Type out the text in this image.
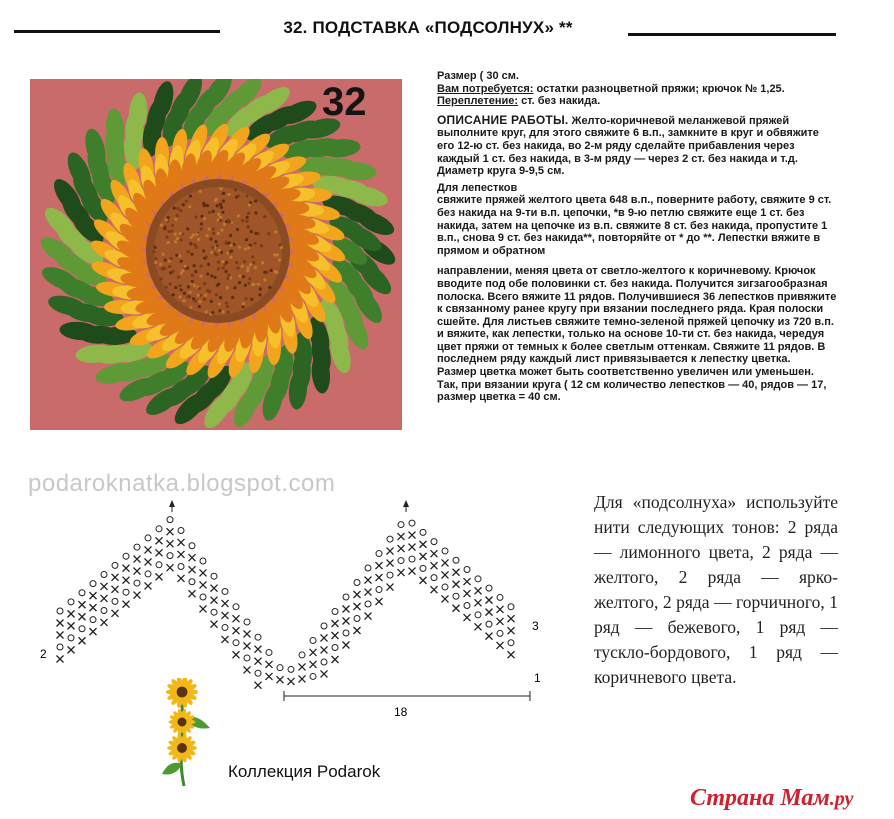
32. ПОДСТАВКА «ПОДСОЛНУХ» **
32

Размер ( 30 см.

Вам потребуется: остатки разноцветной пряжи; крючок № 1,25.

Переплетение: ст. без накида.

ОПИСАНИЕ РАБОТЫ. Желто-коричневой меланжевой пряжей выполните круг, для этого свяжите 6 в.п., замкните в круг и обвяжите его 12-ю ст. без накида, во 2-м ряду сделайте прибавления через каждый 1 ст. без накида, в 3-м ряду — через 2 ст. без накида и т.д. Диаметр круга 9-9,5 см.

Для лепестков

свяжите пряжей желтого цвета 648 в.п., поверните работу, свяжите 9 ст. без накида на 9-ти в.п. цепочки, *в 9-ю петлю свяжите еще 1 ст. без накида, затем на цепочке из в.п. свяжите 8 ст. без накида, пропустите 1 в.п., снова 9 ст. без накида**, повторяйте от * до **. Лепестки вяжите в прямом и обратном

направлении, меняя цвета от светло-желтого к коричневому. Крючок вводите под обе половинки ст. без накида. Получится зигзагообразная полоска. Всего вяжите 11 рядов. Получившиеся 36 лепестков привяжите к связанному ранее кругу при вязании последнего ряда. Края полоски сшейте. Для листьев свяжите темно-зеленой пряжей цепочку из 720 в.п. и вяжите, как лепестки, только на основе 10-ти ст. без накида, чередуя цвет пряжи от темных к более светлым оттенкам. Свяжите 11 рядов. В последнем ряду каждый лист привязывается к лепестку цветка.

Размер цветка может быть соответственно увеличен или уменьшен. Так, при вязании круга ( 12 см количество лепестков — 40, рядов — 17, размер цветка = 40 см.

podaroknatka.blogspot.com
2
3
1
18
Для «подсолнуха» используйте нити следующих тонов: 2 ряда — лимонного цвета, 2 ряда — желтого, 2 ряда — ярко-желтого, 2 ряда — горчичного, 1 ряд — бежевого, 1 ряд — тускло-бордового, 1 ряд — коричневого цвета.
Коллекция Podarok
Страна Мам.ру
